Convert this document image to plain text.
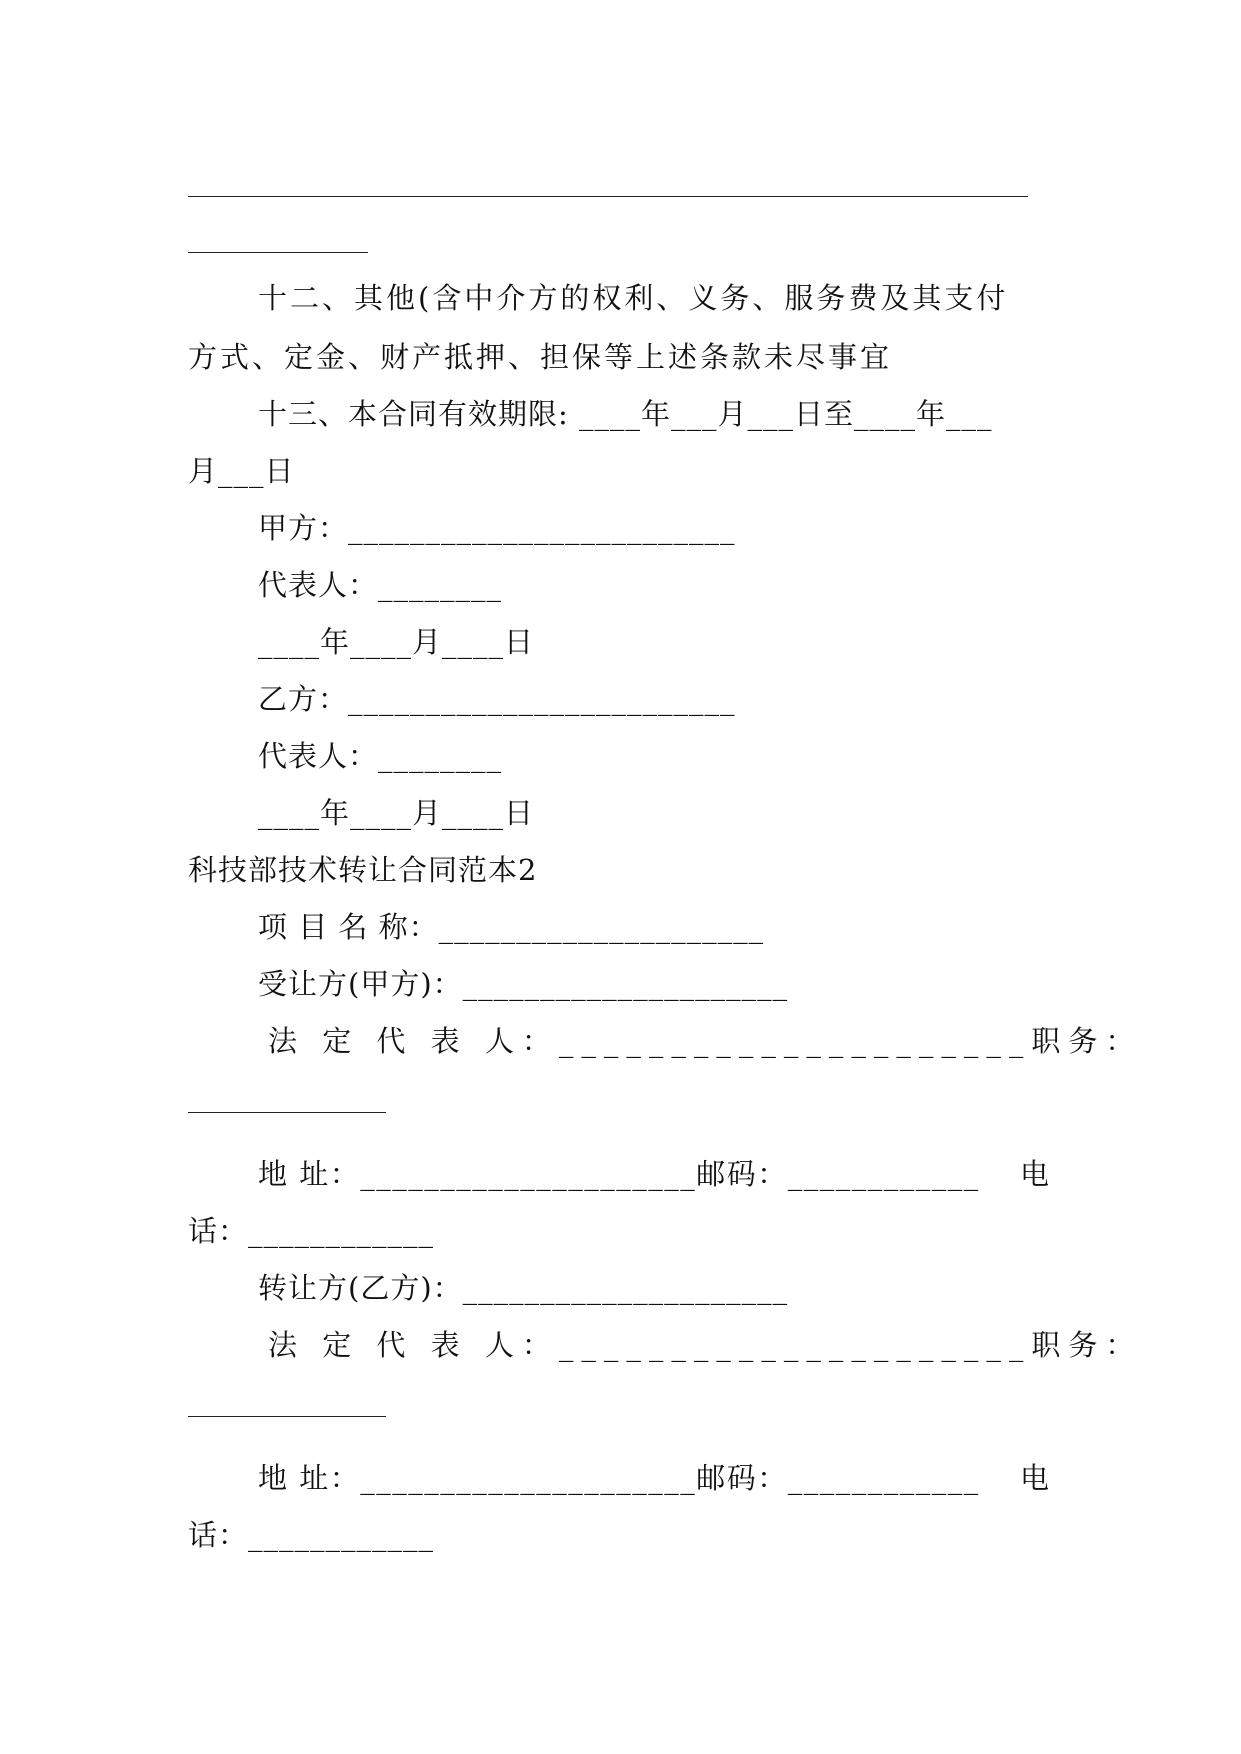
十二、其他(含中介方的权利、义务、服务费及其支付
方式、定金、财产抵押、担保等上述条款未尽事宜
十三、本合同有效期限: ____年___月___日至____年___
月___日
甲方：_________________________
代表人：________
____年____月____日
乙方：_________________________
代表人：________
____年____月____日
科技部技术转让合同范本2
项 目 名 称：_____________________
受让方(甲方)：_____________________
法 定 代 表 人：_____________________职务：
地 址：_____________________邮码：____________ 电
话：____________
转让方(乙方)：_____________________
法 定 代 表 人：_____________________职务：
地 址：_____________________邮码：____________ 电
话：____________
